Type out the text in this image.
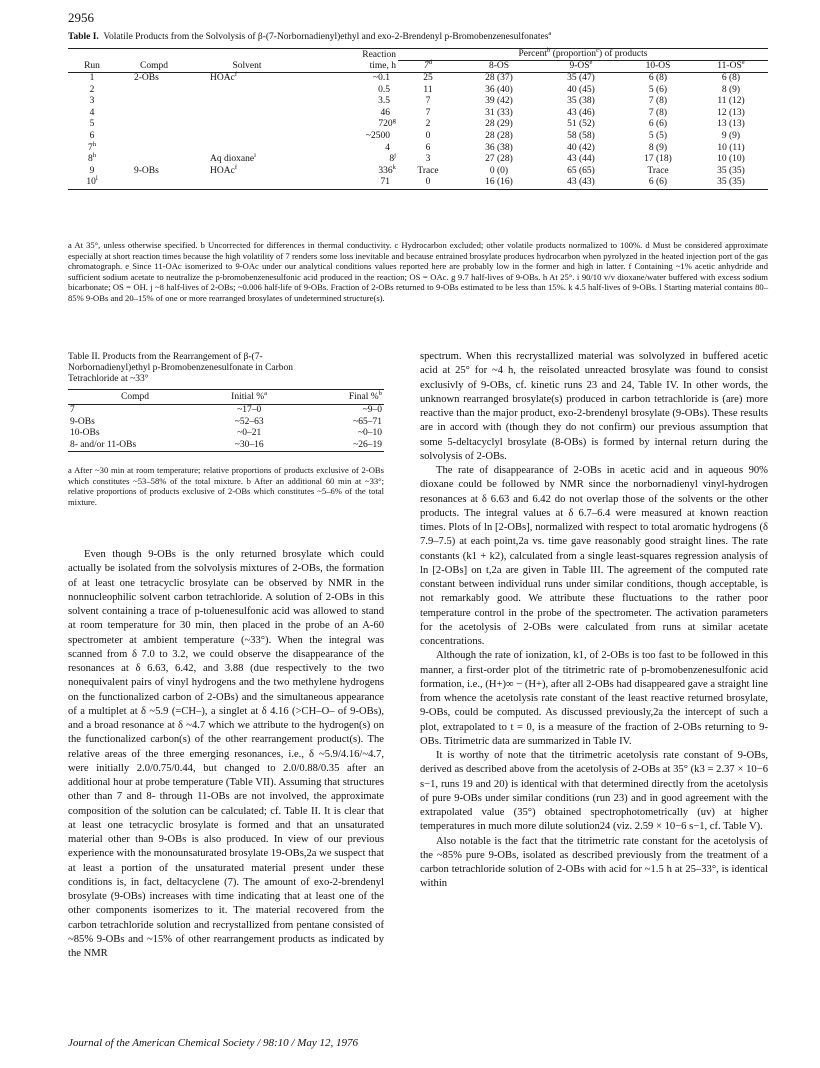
2956
Table I. Volatile Products from the Solvolysis of β-(7-Norbornadienyl)ethyl and exo-2-Brendenyl p-Bromobenzenesulfonates$^a$
Run	Compd	Solvent	Reaction
time, h	Percent$^b$ (proportion$^c$) of products				
				7$^d$	8-OS	$9-OS^e$	10-OS	$11-OS^e$
1	2-OBs	HOAc$^f$	~0.1	25	28 (37)	35 (47)	6 (8)	6 (8)
2			0.5	11	36 (40)	40 (45)	5 (6)	8 (9)
3			3.5	7	39 (42)	35 (38)	7 (8)	11 (12)
4			46	7	31 (33)	43 (46)	7 (8)	12 (13)
5			720$^g$	2	28 (29)	51 (52)	6 (6)	13 (13)
6			~2500	0	28 (28)	58 (58)	5 (5)	9 (9)
7$^h$			4	6	36 (38)	40 (42)	8 (9)	10 (11)
8$^h$		Aq dioxane$^i$	8$^j$	3	27 (28)	43 (44)	17 (18)	10 (10)
9	9-OBs	HOAc$^f$	336$^k$	Trace	0 (0)	65 (65)	Trace	35 (35)
10$^l$			71	0	16 (16)	43 (43)	6 (6)	35 (35)
a At 35°, unless otherwise specified. b Uncorrected for differences in thermal conductivity. c Hydrocarbon excluded; other volatile products normalized to 100%. d Must be considered approximate especially at short reaction times because the high volatility of 7 renders some loss inevitable and because entrained brosylate produces hydrocarbon when pyrolyzed in the heated injection port of the gas chromatograph. e Since 11-OAc isomerized to 9-OAc under our analytical conditions values reported here are probably low in the former and high in latter. f Containing ~1% acetic anhydride and sufficient sodium acetate to neutralize the p-bromobenzenesulfonic acid produced in the reaction; OS = OAc. g 9.7 half-lives of 9-OBs. h At 25°. i 90/10 v/v dioxane/water buffered with excess sodium bicarbonate; OS = OH. j ~8 half-lives of 2-OBs; ~0.006 half-life of 9-OBs. Fraction of 2-OBs returned to 9-OBs estimated to be less than 15%. k 4.5 half-lives of 9-OBs. l Starting material contains 80–85% 9-OBs and 20–15% of one or more rearranged brosylates of undetermined structure(s).
Table II. Products from the Rearrangement of β-(7-Norbornadienyl)ethyl p-Bromobenzenesulfonate in Carbon Tetrachloride at ~33°
Compd	Initial %$^a$	Final %$^b$
7	~17–0	~9–0
9-OBs	~52–63	~65–71
10-OBs	~0–21	~0–10
8- and/or 11-OBs	~30–16	~26–19
a After ~30 min at room temperature; relative proportions of products exclusive of 2-OBs which constitutes ~53–58% of the total mixture. b After an additional 60 min at ~33°; relative proportions of products exclusive of 2-OBs which constitutes ~5–6% of the total mixture.

Even though 9-OBs is the only returned brosylate which could actually be isolated from the solvolysis mixtures of 2-OBs, the formation of at least one tetracyclic brosylate can be observed by NMR in the nonnucleophilic solvent carbon tetrachloride. A solution of 2-OBs in this solvent containing a trace of p-toluenesulfonic acid was allowed to stand at room temperature for 30 min, then placed in the probe of an A-60 spectrometer at ambient temperature (~33°). When the integral was scanned from δ 7.0 to 3.2, we could observe the disappearance of the resonances at δ 6.63, 6.42, and 3.88 (due respectively to the two nonequivalent pairs of vinyl hydrogens and the two methylene hydrogens on the functionalized carbon of 2-OBs) and the simultaneous appearance of a multiplet at δ ~5.9 (=CH–), a singlet at δ 4.16 (>CH–O– of 9-OBs), and a broad resonance at δ ~4.7 which we attribute to the hydrogen(s) on the functionalized carbon(s) of the other rearrangement product(s). The relative areas of the three emerging resonances, i.e., δ ~5.9/4.16/~4.7, were initially 2.0/0.75/0.44, but changed to 2.0/0.88/0.35 after an additional hour at probe temperature (Table VII). Assuming that structures other than 7 and 8- through 11-OBs are not involved, the approximate composition of the solution can be calculated; cf. Table II. It is clear that at least one tetracyclic brosylate is formed and that an unsaturated material other than 9-OBs is also produced. In view of our previous experience with the monounsaturated brosylate 19-OBs,2a we suspect that at least a portion of the unsaturated material present under these conditions is, in fact, deltacyclene (7). The amount of exo-2-brendenyl brosylate (9-OBs) increases with time indicating that at least one of the other components isomerizes to it. The material recovered from the carbon tetrachloride solution and recrystallized from pentane consisted of ~85% 9-OBs and ~15% of other rearrangement products as indicated by the NMR

spectrum. When this recrystallized material was solvolyzed in buffered acetic acid at 25° for ~4 h, the reisolated unreacted brosylate was found to consist exclusivly of 9-OBs, cf. kinetic runs 23 and 24, Table IV. In other words, the unknown rearranged brosylate(s) produced in carbon tetrachloride is (are) more reactive than the major product, exo-2-brendenyl brosylate (9-OBs). These results are in accord with (though they do not confirm) our previous assumption that some 5-deltacyclyl brosylate (8-OBs) is formed by internal return during the solvolysis of 2-OBs.

The rate of disappearance of 2-OBs in acetic acid and in aqueous 90% dioxane could be followed by NMR since the norbornadienyl vinyl-hydrogen resonances at δ 6.63 and 6.42 do not overlap those of the solvents or the other products. The integral values at δ 6.7–6.4 were measured at known reaction times. Plots of ln [2-OBs], normalized with respect to total aromatic hydrogens (δ 7.9–7.5) at each point,2a vs. time gave reasonably good straight lines. The rate constants (k1 + k2), calculated from a single least-squares regression analysis of ln [2-OBs] on t,2a are given in Table III. The agreement of the computed rate constant between individual runs under similar conditions, though acceptable, is not remarkably good. We attribute these fluctuations to the rather poor temperature control in the probe of the spectrometer. The activation parameters for the acetolysis of 2-OBs were calculated from runs at similar acetate concentrations.

Although the rate of ionization, k1, of 2-OBs is too fast to be followed in this manner, a first-order plot of the titrimetric rate of p-bromobenzenesulfonic acid formation, i.e., (H+)∞ − (H+), after all 2-OBs had disappeared gave a straight line from whence the acetolysis rate constant of the least reactive returned brosylate, 9-OBs, could be computed. As discussed previously,2a the intercept of such a plot, extrapolated to t = 0, is a measure of the fraction of 2-OBs returning to 9-OBs. Titrimetric data are summarized in Table IV.

It is worthy of note that the titrimetric acetolysis rate constant of 9-OBs, derived as described above from the acetolysis of 2-OBs at 35° (k3 = 2.37 × 10−6 s−1, runs 19 and 20) is identical with that determined directly from the acetolysis of pure 9-OBs under similar conditions (run 23) and in good agreement with the extrapolated value (35°) obtained spectrophotometrically (uv) at higher temperatures in much more dilute solution24 (viz. 2.59 × 10−6 s−1, cf. Table V).

Also notable is the fact that the titrimetric rate constant for the acetolysis of the ~85% pure 9-OBs, isolated as described previously from the treatment of a carbon tetrachloride solution of 2-OBs with acid for ~1.5 h at 25–33°, is identical within

Journal of the American Chemical Society / 98:10 / May 12, 1976
